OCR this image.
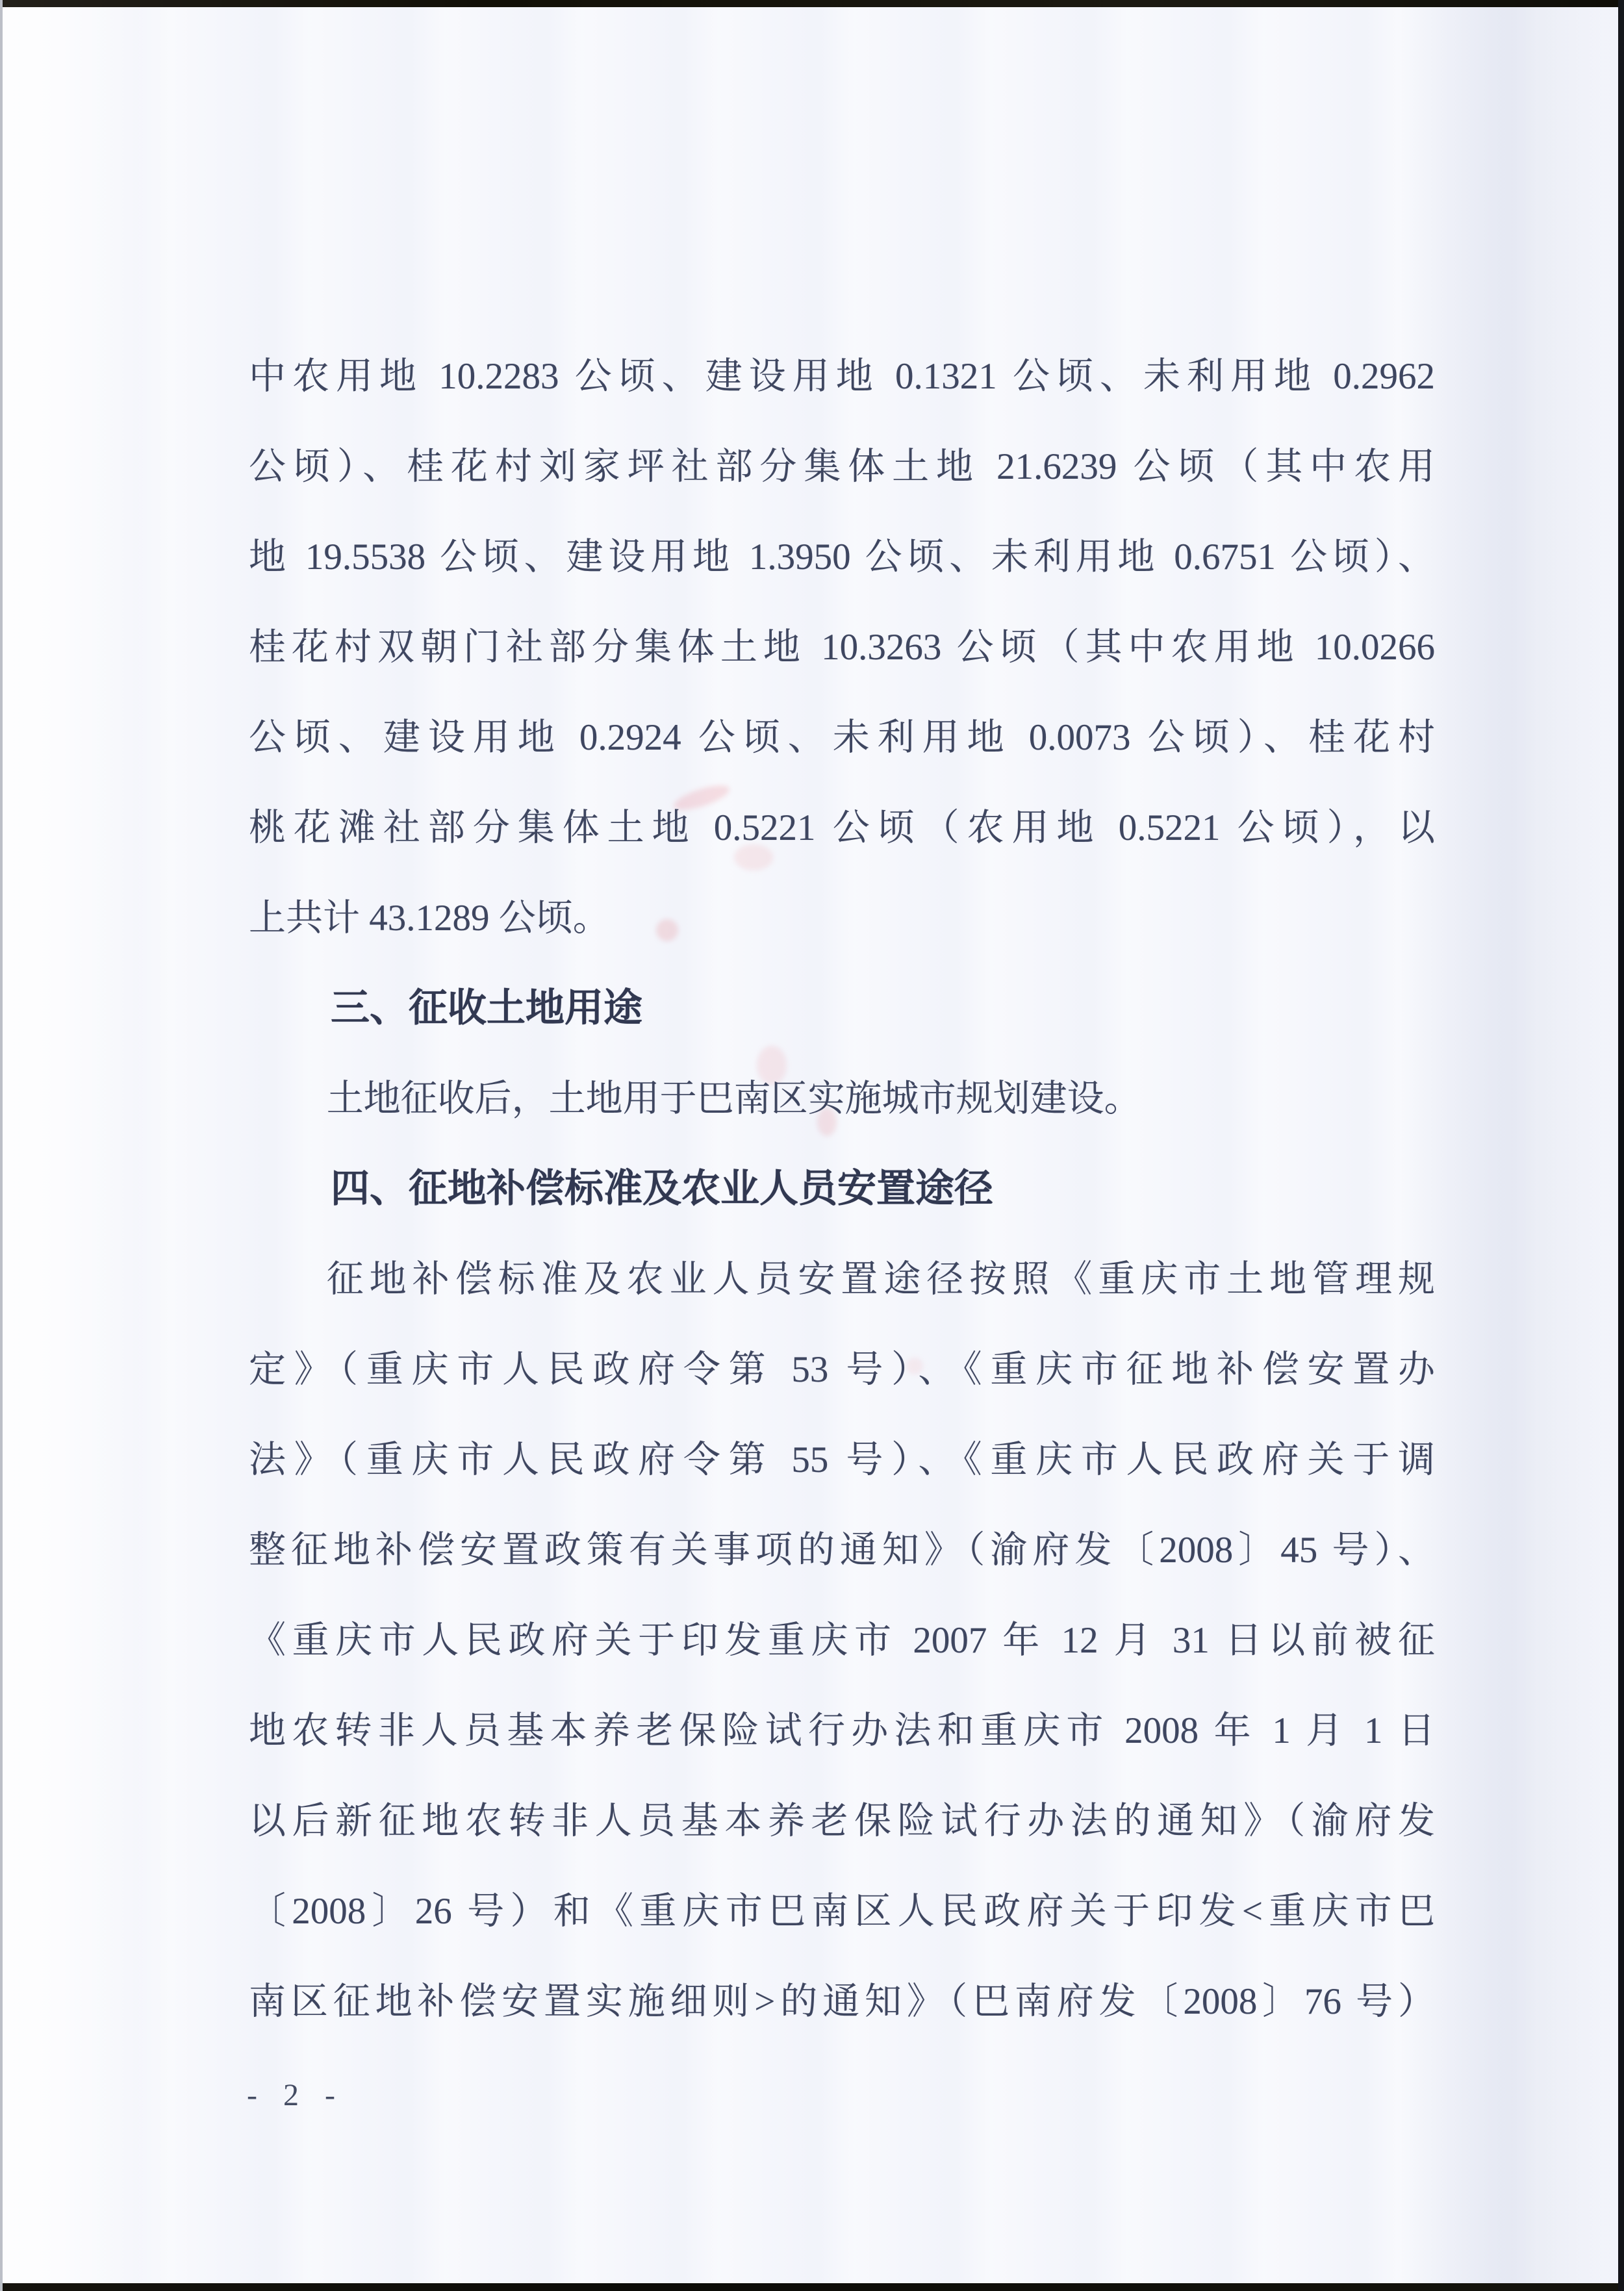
中农用地 10.2283 公顷、建设用地 0.1321 公顷、未利用地 0.2962
公顷）、桂花村刘家坪社部分集体土地 21.6239 公顷（其中农用
地 19.5538 公顷、建设用地 1.3950 公顷、未利用地 0.6751 公顷）、
桂花村双朝门社部分集体土地 10.3263 公顷（其中农用地 10.0266
公顷、建设用地 0.2924 公顷、未利用地 0.0073 公顷）、桂花村
桃花滩社部分集体土地 0.5221 公顷（农用地 0.5221 公顷），以
上共计 43.1289 公顷。
三、征收土地用途
土地征收后，土地用于巴南区实施城市规划建设。
四、征地补偿标准及农业人员安置途径
征地补偿标准及农业人员安置途径按照《重庆市土地管理规
定》（重庆市人民政府令第 53 号）、《重庆市征地补偿安置办
法》（重庆市人民政府令第 55 号）、《重庆市人民政府关于调
整征地补偿安置政策有关事项的通知》（渝府发〔2008〕45 号）、
《重庆市人民政府关于印发重庆市 2007 年 12 月 31 日以前被征
地农转非人员基本养老保险试行办法和重庆市 2008 年 1 月 1 日
以后新征地农转非人员基本养老保险试行办法的通知》（渝府发
〔2008〕26 号）和《重庆市巴南区人民政府关于印发<重庆市巴
南区征地补偿安置实施细则>的通知》（巴南府发〔2008〕76 号）
- 2 -
